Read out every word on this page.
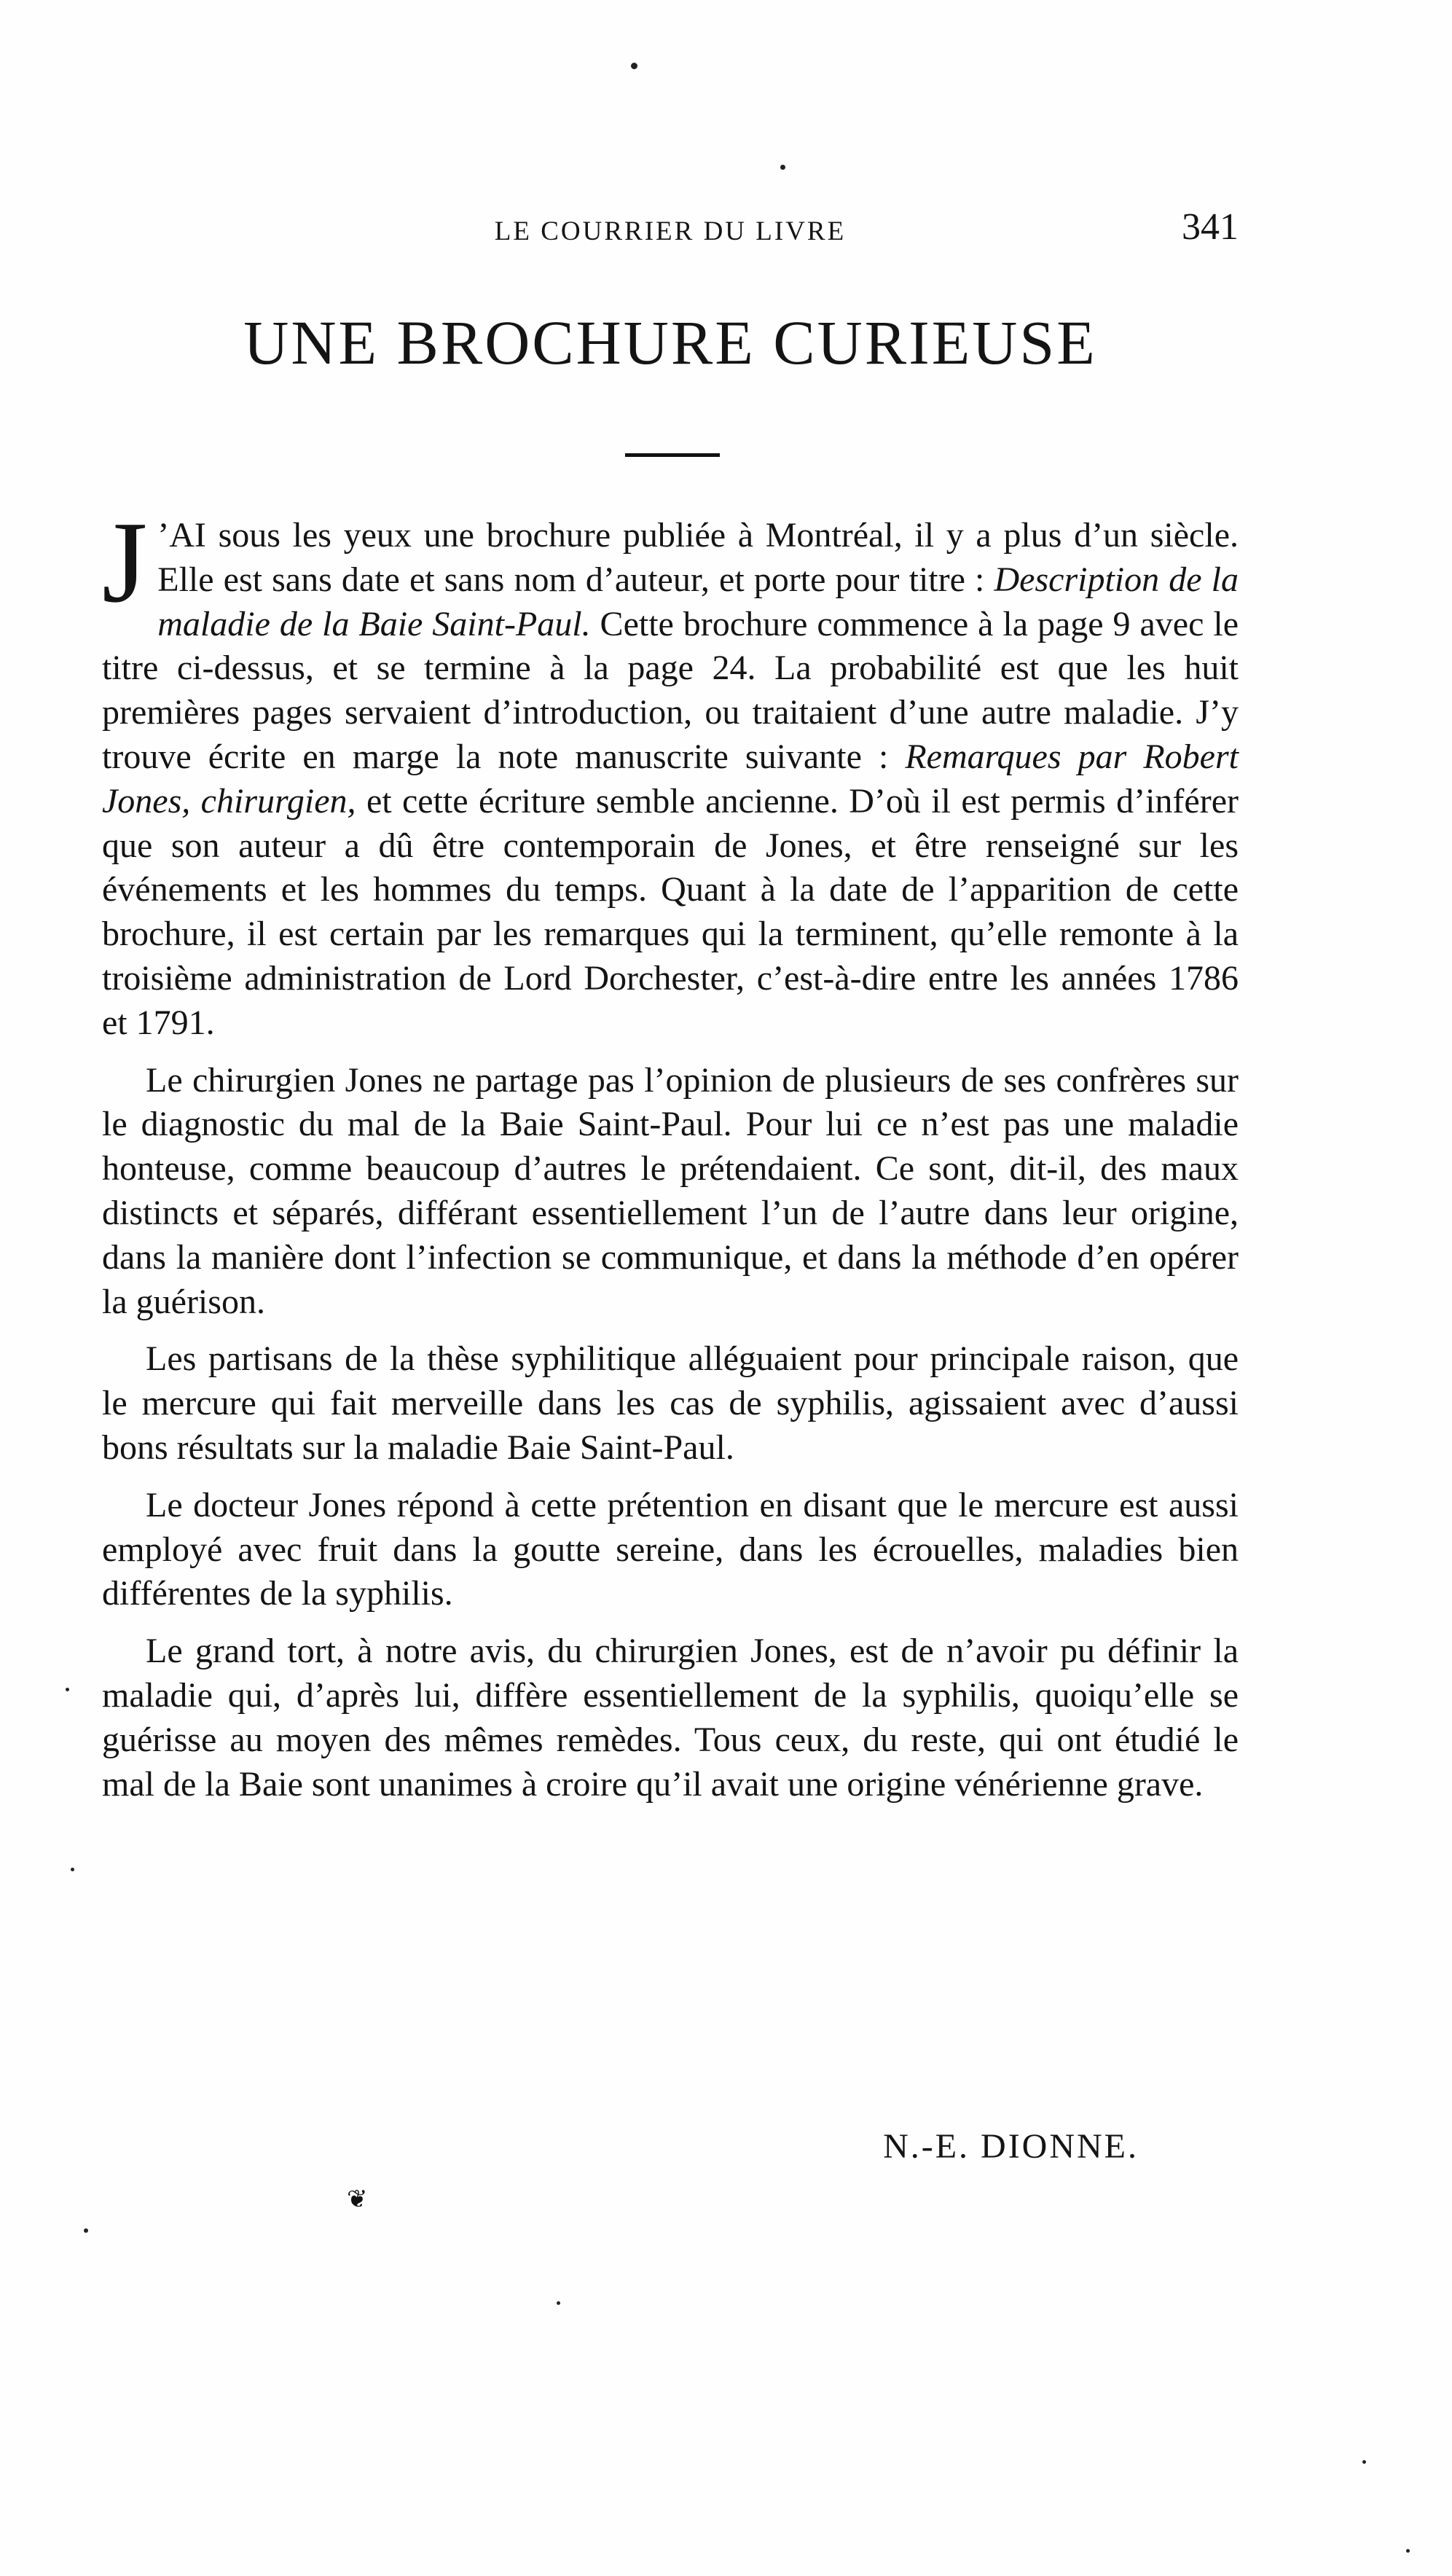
LE COURRIER DU LIVRE	341
UNE BROCHURE CURIEUSE

J ’AI sous les yeux une brochure publiée à Montréal, il y a plus d’un siècle. Elle est sans date et sans nom d’auteur, et porte pour titre : Description de la maladie de la Baie Saint-Paul. Cette brochure commence à la page 9 avec le titre ci-dessus, et se termine à la page 24. La probabilité est que les huit premières pages servaient d’introduction, ou traitaient d’une autre maladie. J’y trouve écrite en marge la note manuscrite suivante : Remarques par Robert Jones, chirurgien, et cette écriture semble ancienne. D’où il est permis d’inférer que son auteur a dû être contemporain de Jones, et être renseigné sur les événements et les hommes du temps. Quant à la date de l’apparition de cette brochure, il est certain par les remarques qui la terminent, qu’elle remonte à la troisième administration de Lord Dorchester, c’est-à-dire entre les années 1786 et 1791.

Le chirurgien Jones ne partage pas l’opinion de plusieurs de ses confrères sur le diagnostic du mal de la Baie Saint-Paul. Pour lui ce n’est pas une maladie honteuse, comme beaucoup d’autres le prétendaient. Ce sont, dit-il, des maux distincts et séparés, différant essentiellement l’un de l’autre dans leur origine, dans la manière dont l’infection se communique, et dans la méthode d’en opérer la guérison.

Les partisans de la thèse syphilitique alléguaient pour principale raison, que le mercure qui fait merveille dans les cas de syphilis, agissaient avec d’aussi bons résultats sur la maladie Baie Saint-Paul.

Le docteur Jones répond à cette prétention en disant que le mercure est aussi employé avec fruit dans la goutte sereine, dans les écrouelles, maladies bien différentes de la syphilis.

Le grand tort, à notre avis, du chirurgien Jones, est de n’avoir pu définir la maladie qui, d’après lui, diffère essentiellement de la syphilis, quoiqu’elle se guérisse au moyen des mêmes remèdes. Tous ceux, du reste, qui ont étudié le mal de la Baie sont unanimes à croire qu’il avait une origine vénérienne grave.

N.-E. DIONNE.
❦
